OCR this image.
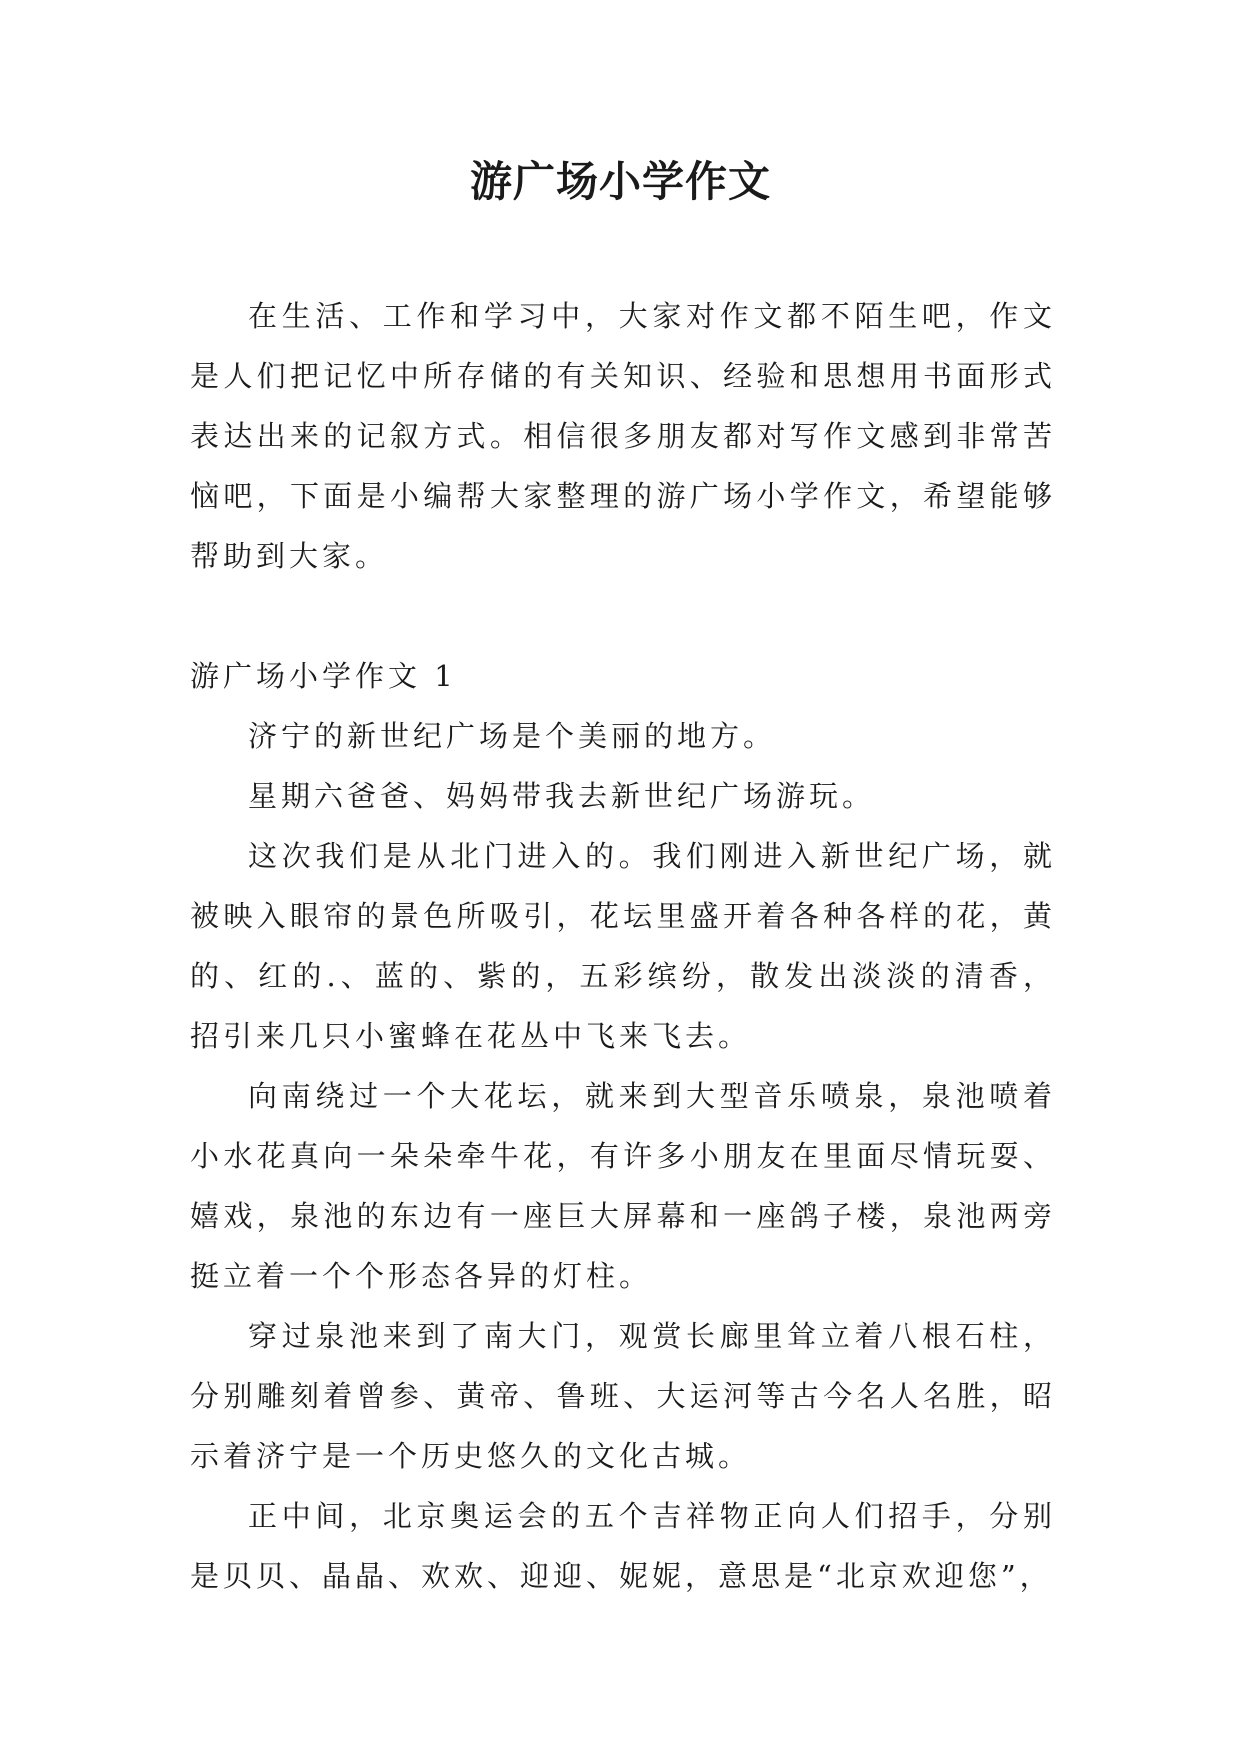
游广场小学作文

在生活、工作和学习中，大家对作文都不陌生吧，作文是人们把记忆中所存储的有关知识、经验和思想用书面形式表达出来的记叙方式。相信很多朋友都对写作文感到非常苦恼吧，下面是小编帮大家整理的游广场小学作文，希望能够帮助到大家。

游广场小学作文 1

济宁的新世纪广场是个美丽的地方。

星期六爸爸、妈妈带我去新世纪广场游玩。

这次我们是从北门进入的。我们刚进入新世纪广场，就被映入眼帘的景色所吸引，花坛里盛开着各种各样的花，黄的、红的.、蓝的、紫的，五彩缤纷，散发出淡淡的清香，招引来几只小蜜蜂在花丛中飞来飞去。

向南绕过一个大花坛，就来到大型音乐喷泉，泉池喷着小水花真向一朵朵牵牛花，有许多小朋友在里面尽情玩耍、嬉戏，泉池的东边有一座巨大屏幕和一座鸽子楼，泉池两旁挺立着一个个形态各异的灯柱。

穿过泉池来到了南大门，观赏长廊里耸立着八根石柱，分别雕刻着曾参、黄帝、鲁班、大运河等古今名人名胜，昭示着济宁是一个历史悠久的文化古城。

正中间，北京奥运会的五个吉祥物正向人们招手，分别是贝贝、晶晶、欢欢、迎迎、妮妮，意思是“北京欢迎您”，
